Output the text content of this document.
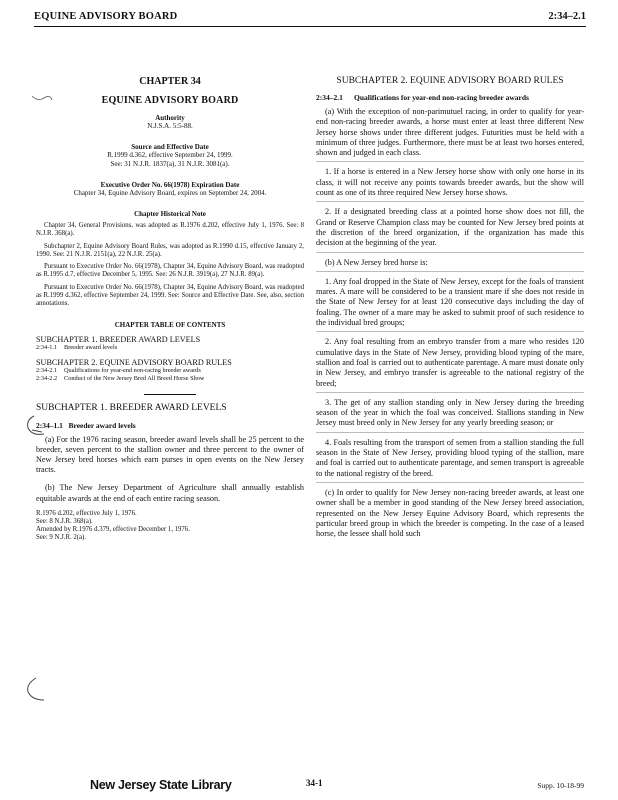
EQUINE ADVISORY BOARD	2:34–2.1
CHAPTER 34
EQUINE ADVISORY BOARD
Authority
N.J.S.A. 5:5-88.
Source and Effective Date
R.1999 d.362, effective September 24, 1999.
See: 31 N.J.R. 1837(a), 31 N.J.R. 3081(a).
Executive Order No. 66(1978) Expiration Date
Chapter 34, Equine Advisory Board, expires on September 24, 2004.
Chapter Historical Note

Chapter 34, General Provisions, was adopted as R.1976 d.202, effective July 1, 1976. See: 8 N.J.R. 368(a).

Subchapter 2, Equine Advisory Board Rules, was adopted as R.1990 d.15, effective January 2, 1990. See: 21 N.J.R. 2151(a), 22 N.J.R. 25(a).

Pursuant to Executive Order No. 66(1978), Chapter 34, Equine Advisory Board, was readopted as R.1995 d.7, effective December 5, 1995. See: 26 N.J.R. 3919(a), 27 N.J.R. 89(a).

Pursuant to Executive Order No. 66(1978), Chapter 34, Equine Advisory Board, was readopted as R.1999 d.362, effective September 24, 1999. See: Source and Effective Date. See, also, section annotations.

CHAPTER TABLE OF CONTENTS
SUBCHAPTER 1. BREEDER AWARD LEVELS
2:34-1.1	Breeder award levels
SUBCHAPTER 2. EQUINE ADVISORY BOARD RULES
2:34-2.1	Qualifications for year-end non-racing breeder awards
2:34-2.2	Conduct of the New Jersey Bred All Breed Horse Show
SUBCHAPTER 1. BREEDER AWARD LEVELS
2:34–1.1 Breeder award levels

(a) For the 1976 racing season, breeder award levels shall be 25 percent to the breeder, seven percent to the stallion owner and three percent to the owner of New Jersey bred horses which earn purses in open events on the New Jersey tracts.

(b) The New Jersey Department of Agriculture shall annually establish equitable awards at the end of each entire racing season.

R.1976 d.202, effective July 1, 1976.
See: 8 N.J.R. 368(a).
Amended by R.1976 d.379, effective December 1, 1976.
See: 9 N.J.R. 2(a).
SUBCHAPTER 2. EQUINE ADVISORY BOARD RULES
2:34–2.1	Qualifications for year-end non-racing breeder awards

(a) With the exception of non-parimutuel racing, in order to qualify for year-end non-racing breeder awards, a horse must enter at least three different New Jersey horse shows under three different judges. Futurities must be held with a minimum of three judges. Furthermore, there must be at least two horses entered, shown and judged in each class.

1. If a horse is entered in a New Jersey horse show with only one horse in its class, it will not receive any points towards breeder awards, but the show will count as one of its three required New Jersey horse shows.

2. If a designated breeding class at a pointed horse show does not fill, the Grand or Reserve Champion class may be counted for New Jersey bred points at the discretion of the breed organization, if the organization has made this decision at the beginning of the year.

(b) A New Jersey bred horse is:

1. Any foal dropped in the State of New Jersey, except for the foals of transient mares. A mare will be considered to be a transient mare if she does not reside in the State of New Jersey for at least 120 consecutive days including the day of foaling. The owner of a mare may be asked to submit proof of such residence to the individual bred groups;

2. Any foal resulting from an embryo transfer from a mare who resides 120 cumulative days in the State of New Jersey, providing blood typing of the mare, stallion and foal is carried out to authenticate parentage. A mare must donate only in New Jersey, and embryo transfer is agreeable to the national registry of the breed;

3. The get of any stallion standing only in New Jersey during the breeding season of the year in which the foal was conceived. Stallions standing in New Jersey must breed only in New Jersey for any yearly breeding season; or

4. Foals resulting from the transport of semen from a stallion standing the full season in the State of New Jersey, providing blood typing of the stallion, mare and foal is carried out to authenticate parentage, and semen transport is agreeable to the national registry of the breed.

(c) In order to qualify for New Jersey non-racing breeder awards, at least one owner shall be a member in good standing of the New Jersey breed association, represented on the New Jersey Equine Advisory Board, which represents the particular breed group in which the breeder is competing. In the case of a leased horse, the lessee shall hold such

New Jersey State Library	34-1	Supp. 10-18-99
